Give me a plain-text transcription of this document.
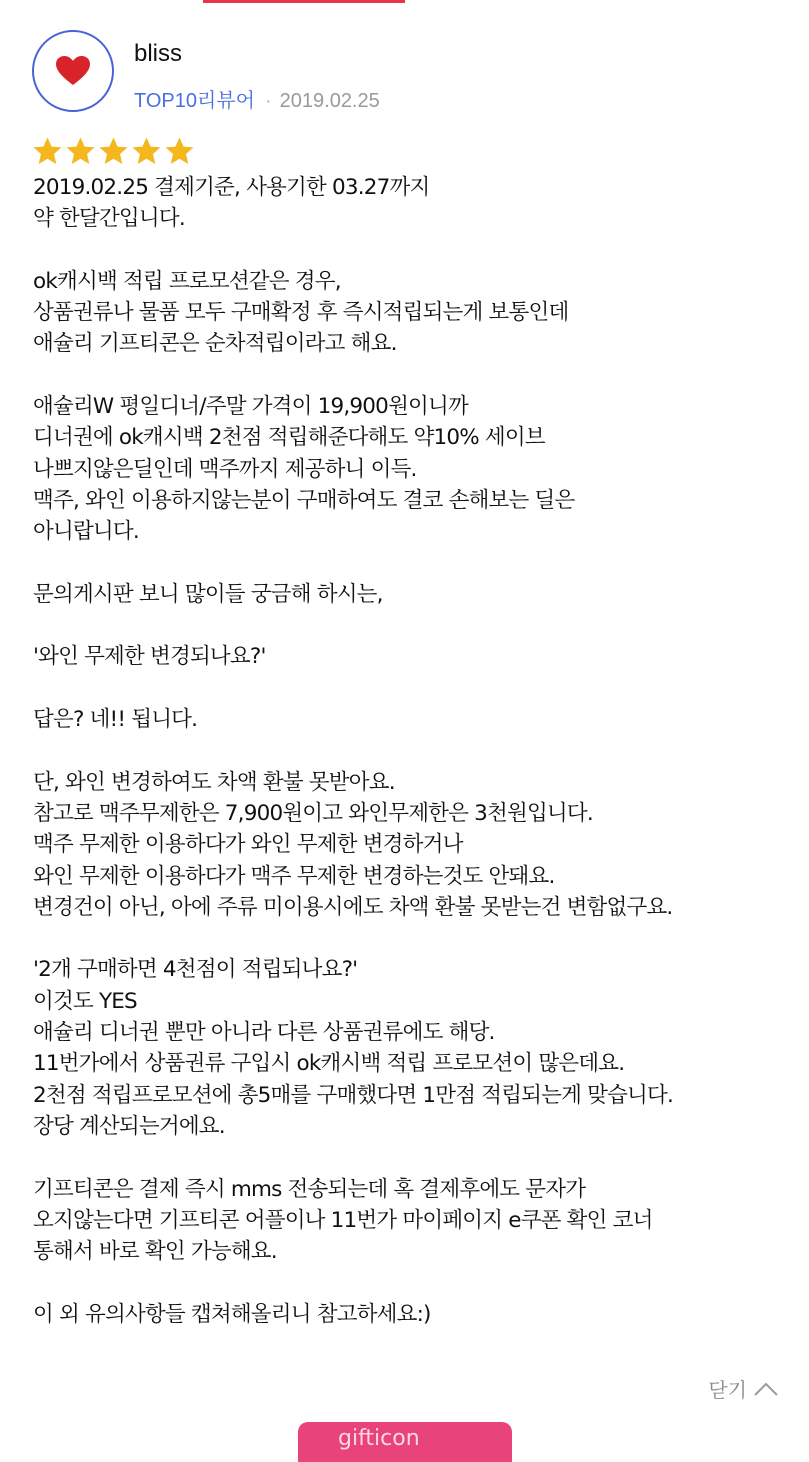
bliss
TOP10리뷰어 · 2019.02.25
2019.02.25 결제기준, 사용기한 03.27까지
약 한달간입니다.
ok캐시백 적립 프로모션같은 경우,
상품권류나 물품 모두 구매확정 후 즉시적립되는게 보통인데
애슐리 기프티콘은 순차적립이라고 해요.
애슐리W 평일디너/주말 가격이 19,900원이니까
디너권에 ok캐시백 2천점 적립해준다해도 약10% 세이브
나쁘지않은딜인데 맥주까지 제공하니 이득.
맥주, 와인 이용하지않는분이 구매하여도 결코 손해보는 딜은
아니랍니다.
문의게시판 보니 많이들 궁금해 하시는,
'와인 무제한 변경되나요?'
답은? 네!! 됩니다.
단, 와인 변경하여도 차액 환불 못받아요.
참고로 맥주무제한은 7,900원이고 와인무제한은 3천원입니다.
맥주 무제한 이용하다가 와인 무제한 변경하거나
와인 무제한 이용하다가 맥주 무제한 변경하는것도 안돼요.
변경건이 아닌, 아에 주류 미이용시에도 차액 환불 못받는건 변함없구요.
'2개 구매하면 4천점이 적립되나요?'
이것도 YES
애슐리 디너권 뿐만 아니라 다른 상품권류에도 해당.
11번가에서 상품권류 구입시 ok캐시백 적립 프로모션이 많은데요.
2천점 적립프로모션에 총5매를 구매했다면 1만점 적립되는게 맞습니다.
장당 계산되는거에요.
기프티콘은 결제 즉시 mms 전송되는데 혹 결제후에도 문자가
오지않는다면 기프티콘 어플이나 11번가 마이페이지 e쿠폰 확인 코너
통해서 바로 확인 가능해요.
이 외 유의사항들 캡쳐해올리니 참고하세요:)
닫기
gifticon
